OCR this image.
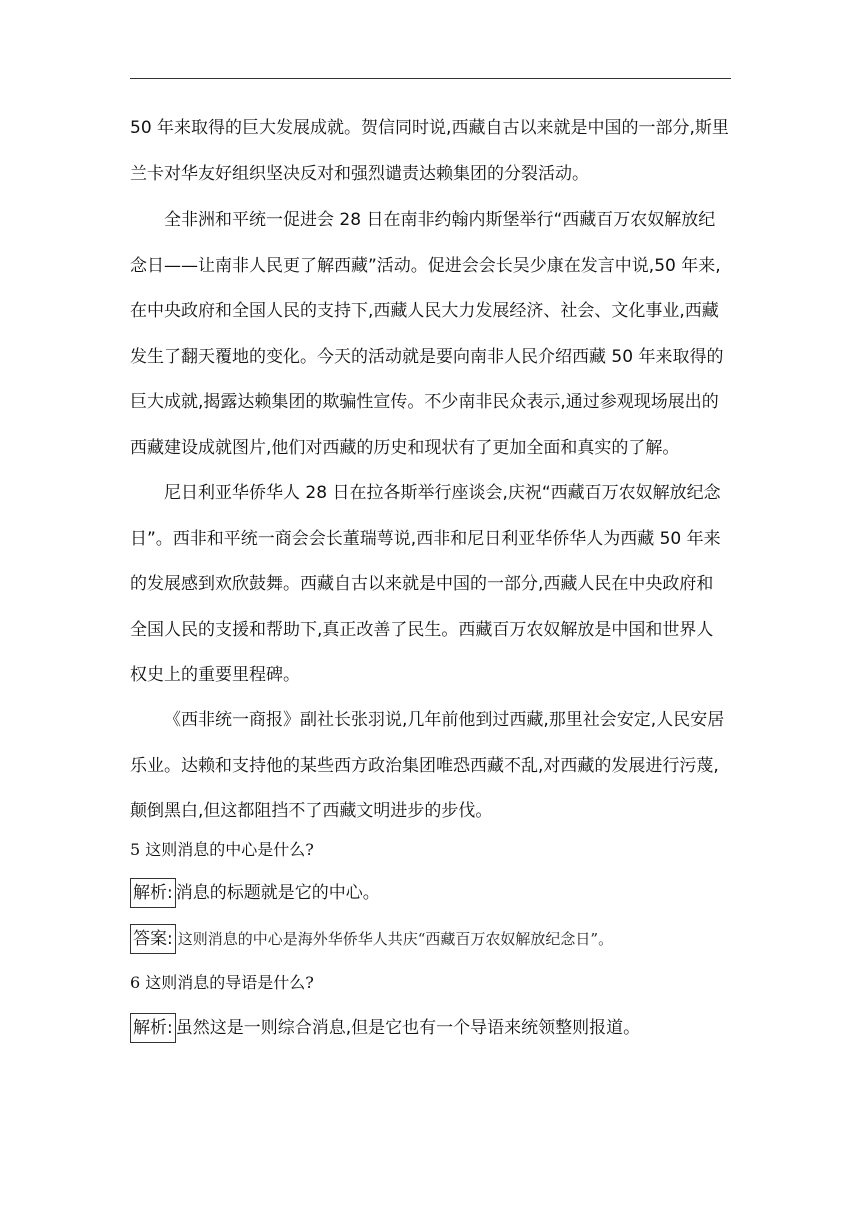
50 年来取得的巨大发展成就。贺信同时说,西藏自古以来就是中国的一部分,斯里

兰卡对华友好组织坚决反对和强烈谴责达赖集团的分裂活动。

全非洲和平统一促进会 28 日在南非约翰内斯堡举行“西藏百万农奴解放纪

念日——让南非人民更了解西藏”活动。促进会会长吴少康在发言中说,50 年来,

在中央政府和全国人民的支持下,西藏人民大力发展经济、社会、文化事业,西藏

发生了翻天覆地的变化。今天的活动就是要向南非人民介绍西藏 50 年来取得的

巨大成就,揭露达赖集团的欺骗性宣传。不少南非民众表示,通过参观现场展出的

西藏建设成就图片,他们对西藏的历史和现状有了更加全面和真实的了解。

尼日利亚华侨华人 28 日在拉各斯举行座谈会,庆祝“西藏百万农奴解放纪念

日”。西非和平统一商会会长董瑞萼说,西非和尼日利亚华侨华人为西藏 50 年来

的发展感到欢欣鼓舞。西藏自古以来就是中国的一部分,西藏人民在中央政府和

全国人民的支援和帮助下,真正改善了民生。西藏百万农奴解放是中国和世界人

权史上的重要里程碑。

《西非统一商报》副社长张羽说,几年前他到过西藏,那里社会安定,人民安居

乐业。达赖和支持他的某些西方政治集团唯恐西藏不乱,对西藏的发展进行污蔑,

颠倒黑白,但这都阻挡不了西藏文明进步的步伐。

5 这则消息的中心是什么?

解析: 消息的标题就是它的中心。
答案: 这则消息的中心是海外华侨华人共庆“西藏百万农奴解放纪念日”。

6 这则消息的导语是什么?

解析: 虽然这是一则综合消息,但是它也有一个导语来统领整则报道。
